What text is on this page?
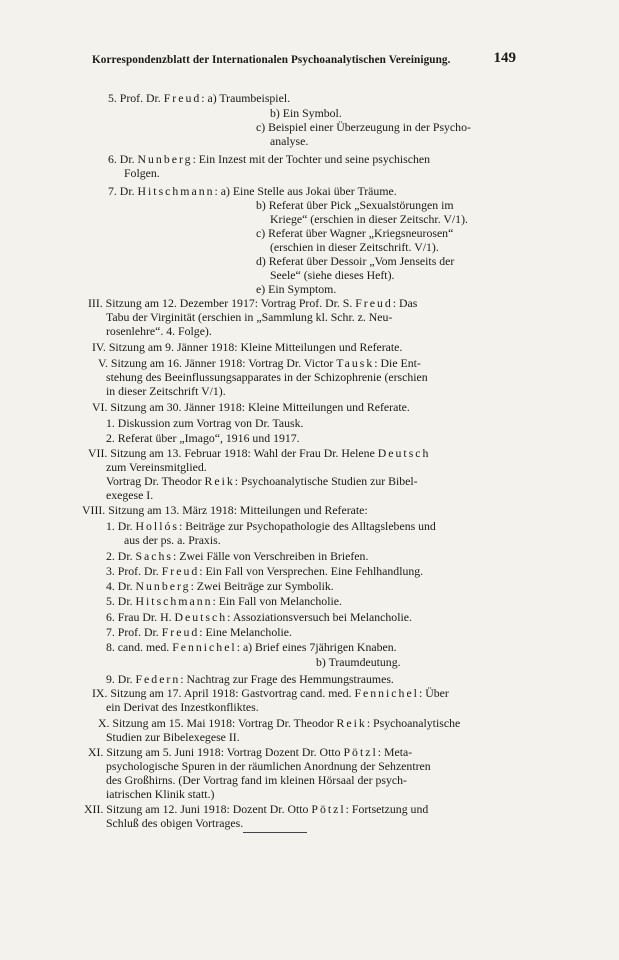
Korrespondenzblatt der Internationalen Psychoanalytischen Vereinigung.	149
5. Prof. Dr. Freud: a) Traumbeispiel.
b) Ein Symbol.
c) Beispiel einer Überzeugung in der Psycho-
analyse.
6. Dr. Nunberg: Ein Inzest mit der Tochter und seine psychischen
Folgen.
7. Dr. Hitschmann: a) Eine Stelle aus Jokai über Träume.
b) Referat über Pick „Sexualstörungen im
Kriege“ (erschien in dieser Zeitschr. V/1).
c) Referat über Wagner „Kriegsneurosen“
(erschien in dieser Zeitschrift. V/1).
d) Referat über Dessoir „Vom Jenseits der
Seele“ (siehe dieses Heft).
e) Ein Symptom.
III. Sitzung am 12. Dezember 1917: Vortrag Prof. Dr. S. Freud: Das
Tabu der Virginität (erschien in „Sammlung kl. Schr. z. Neu-
rosenlehre“. 4. Folge).
IV. Sitzung am 9. Jänner 1918: Kleine Mitteilungen und Referate.
V. Sitzung am 16. Jänner 1918: Vortrag Dr. Victor Tausk: Die Ent-
stehung des Beeinflussungsapparates in der Schizophrenie (erschien
in dieser Zeitschrift V/1).
VI. Sitzung am 30. Jänner 1918: Kleine Mitteilungen und Referate.
1. Diskussion zum Vortrag von Dr. Tausk.
2. Referat über „Imago“, 1916 und 1917.
VII. Sitzung am 13. Februar 1918: Wahl der Frau Dr. Helene Deutsch
zum Vereinsmitglied.
Vortrag Dr. Theodor Reik: Psychoanalytische Studien zur Bibel-
exegese I.
VIII. Sitzung am 13. März 1918: Mitteilungen und Referate:
1. Dr. Hollós: Beiträge zur Psychopathologie des Alltagslebens und
aus der ps. a. Praxis.
2. Dr. Sachs: Zwei Fälle von Verschreiben in Briefen.
3. Prof. Dr. Freud: Ein Fall von Versprechen. Eine Fehlhandlung.
4. Dr. Nunberg: Zwei Beiträge zur Symbolik.
5. Dr. Hitschmann: Ein Fall von Melancholie.
6. Frau Dr. H. Deutsch: Assoziationsversuch bei Melancholie.
7. Prof. Dr. Freud: Eine Melancholie.
8. cand. med. Fennichel: a) Brief eines 7jährigen Knaben.
b) Traumdeutung.
9. Dr. Federn: Nachtrag zur Frage des Hemmungstraumes.
IX. Sitzung am 17. April 1918: Gastvortrag cand. med. Fennichel: Über
ein Derivat des Inzestkonfliktes.
X. Sitzung am 15. Mai 1918: Vortrag Dr. Theodor Reik: Psychoanalytische
Studien zur Bibelexegese II.
XI. Sitzung am 5. Juni 1918: Vortrag Dozent Dr. Otto Pötzl: Meta-
psychologische Spuren in der räumlichen Anordnung der Sehzentren
des Großhirns. (Der Vortrag fand im kleinen Hörsaal der psych-
iatrischen Klinik statt.)
XII. Sitzung am 12. Juni 1918: Dozent Dr. Otto Pötzl: Fortsetzung und
Schluß des obigen Vortrages.
